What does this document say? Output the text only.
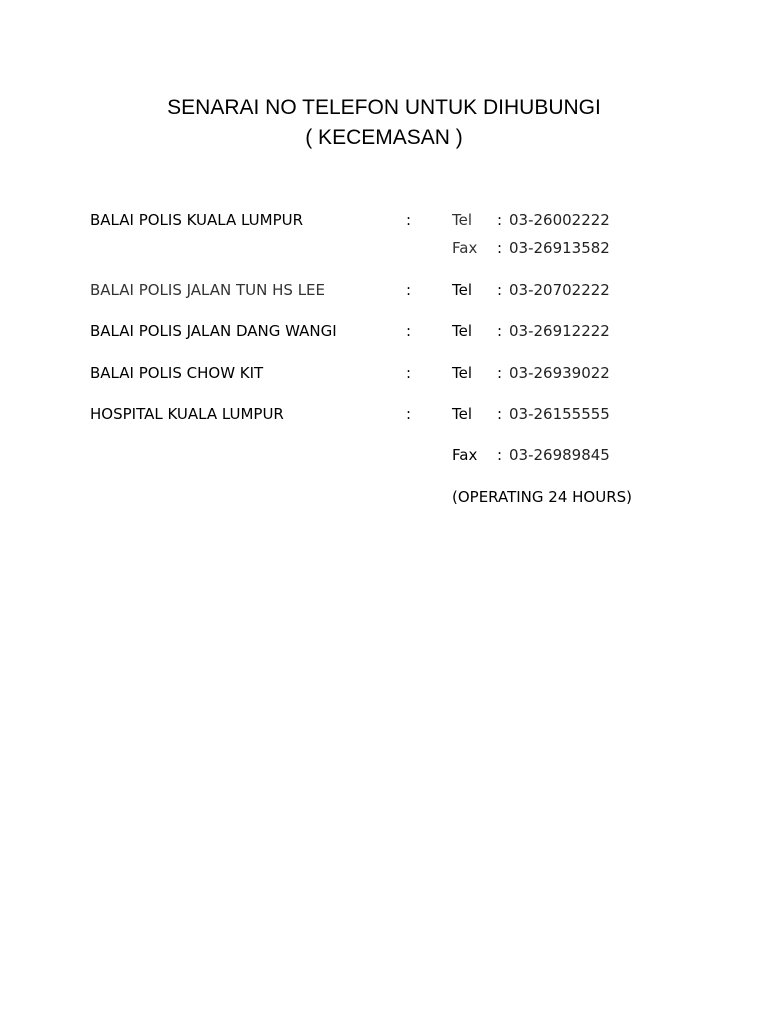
SENARAI NO TELEFON UNTUK DIHUBUNGI
( KECEMASAN )
BALAI POLIS KUALA LUMPUR	:	Tel : 03-26002222
Fax : 03-26913582
BALAI POLIS JALAN TUN HS LEE	:	Tel : 03-20702222
BALAI POLIS JALAN DANG WANGI	:	Tel : 03-26912222
BALAI POLIS CHOW KIT	:	Tel : 03-26939022
HOSPITAL KUALA LUMPUR	:	Tel : 03-26155555
Fax : 03-26989845
(OPERATING 24 HOURS)
